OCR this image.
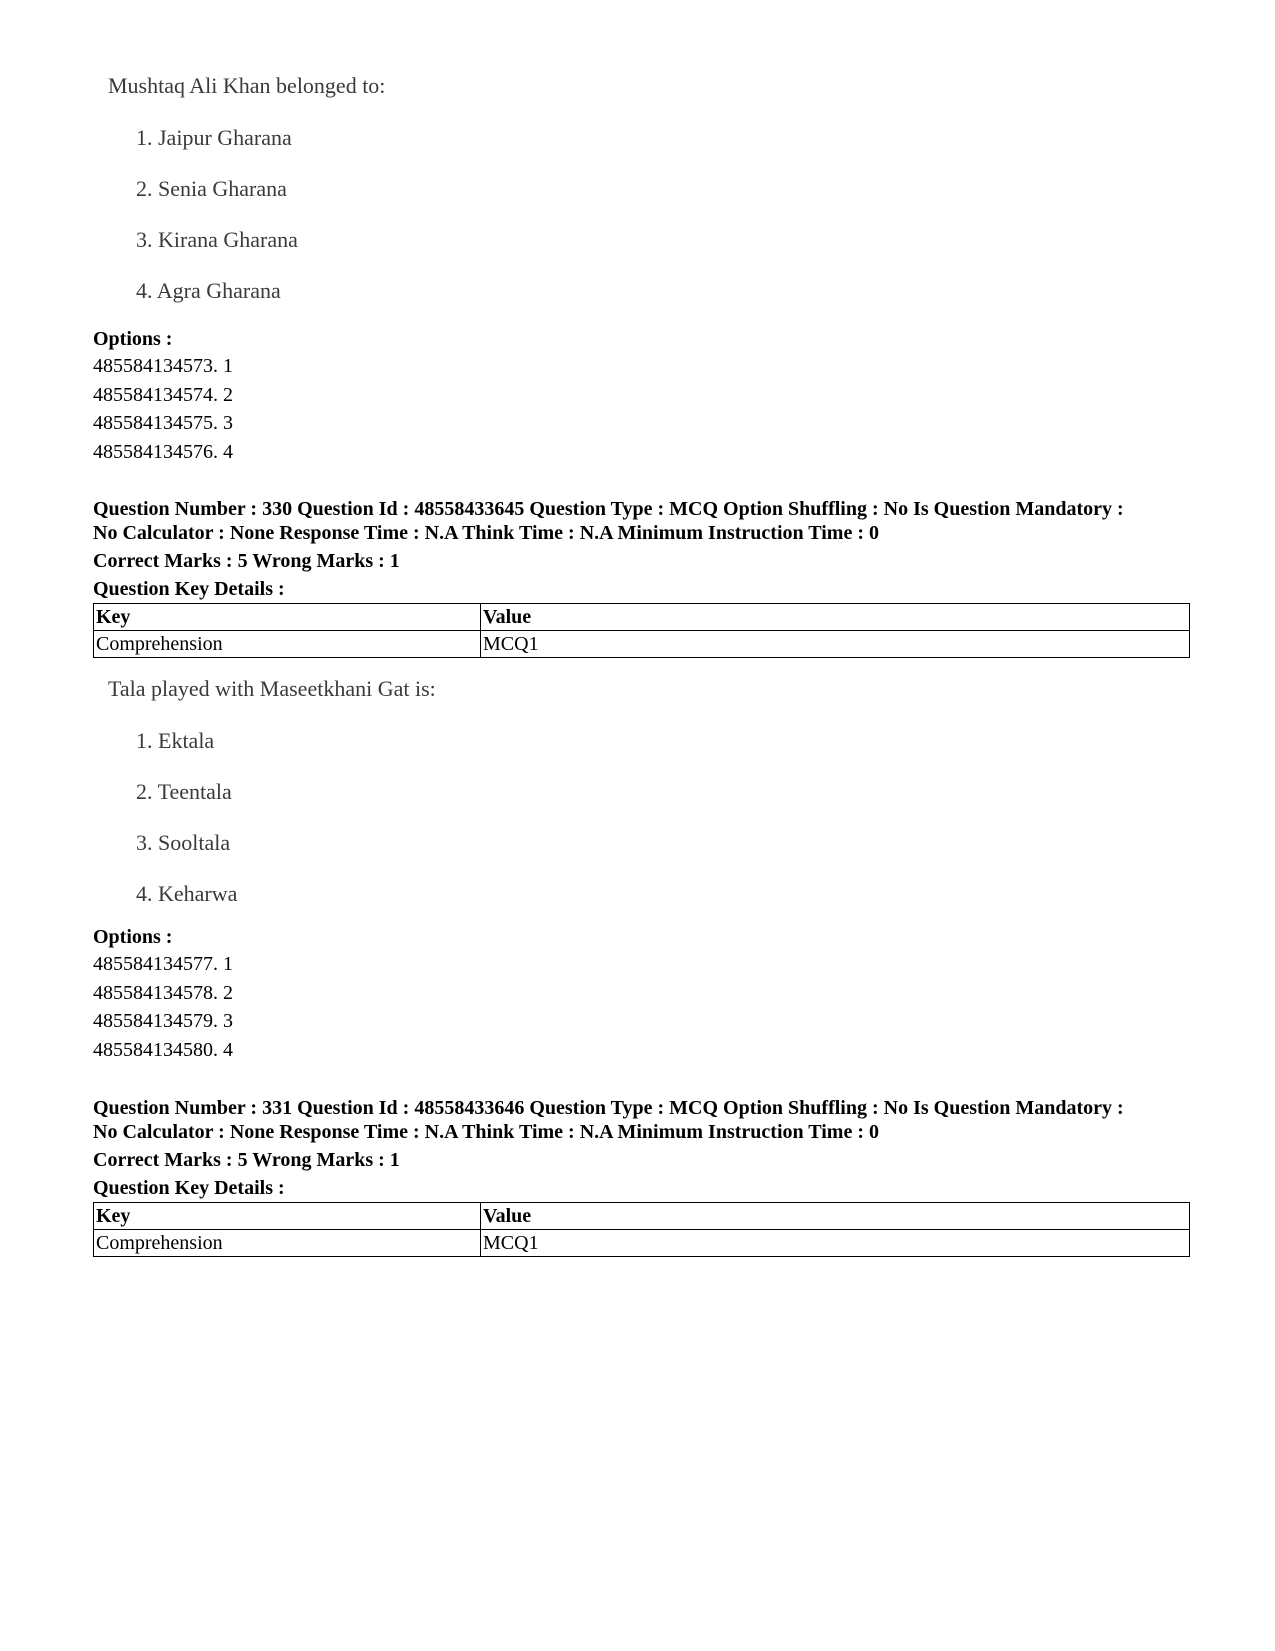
Mushtaq Ali Khan belonged to:
1. Jaipur Gharana
2. Senia Gharana
3. Kirana Gharana
4. Agra Gharana
Options :
485584134573. 1
485584134574. 2
485584134575. 3
485584134576. 4
Question Number : 330 Question Id : 48558433645 Question Type : MCQ Option Shuffling : No Is Question Mandatory :
No Calculator : None Response Time : N.A Think Time : N.A Minimum Instruction Time : 0
Correct Marks : 5 Wrong Marks : 1
Question Key Details :
Key	Value
Comprehension	MCQ1
Tala played with Maseetkhani Gat is:
1. Ektala
2. Teentala
3. Sooltala
4. Keharwa
Options :
485584134577. 1
485584134578. 2
485584134579. 3
485584134580. 4
Question Number : 331 Question Id : 48558433646 Question Type : MCQ Option Shuffling : No Is Question Mandatory :
No Calculator : None Response Time : N.A Think Time : N.A Minimum Instruction Time : 0
Correct Marks : 5 Wrong Marks : 1
Question Key Details :
Key	Value
Comprehension	MCQ1
